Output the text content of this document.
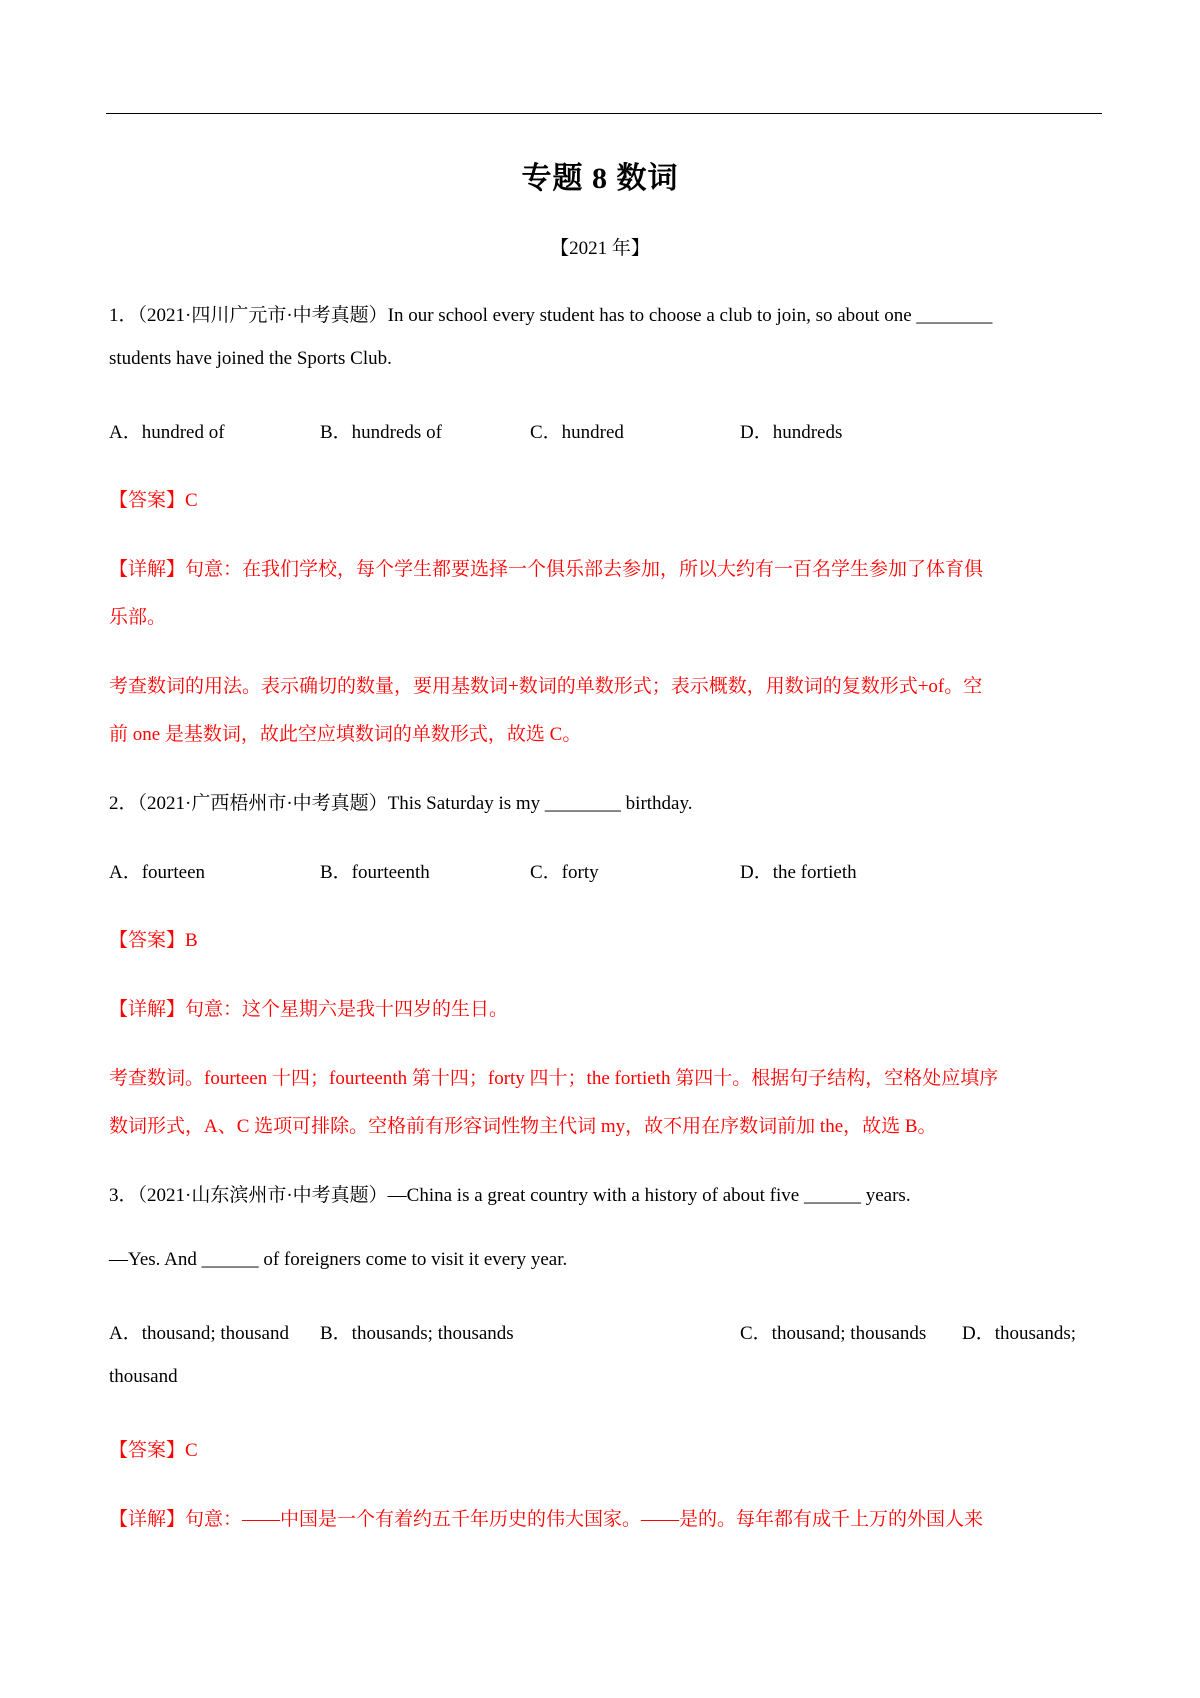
专题 8 数词
【2021 年】
1．（2021·四川广元市·中考真题）In our school every student has to choose a club to join, so about one ________
students have joined the Sports Club.
A．hundred of	B．hundreds of	C．hundred	D．hundreds
【答案】C
【详解】句意：在我们学校，每个学生都要选择一个俱乐部去参加，所以大约有一百名学生参加了体育俱
乐部。
考查数词的用法。表示确切的数量，要用基数词+数词的单数形式；表示概数，用数词的复数形式+of。空
前 one 是基数词，故此空应填数词的单数形式，故选 C。
2．（2021·广西梧州市·中考真题）This Saturday is my ________ birthday.
A．fourteen	B．fourteenth	C．forty	D．the fortieth
【答案】B
【详解】句意：这个星期六是我十四岁的生日。
考查数词。fourteen 十四；fourteenth 第十四；forty 四十；the fortieth 第四十。根据句子结构，空格处应填序
数词形式，A、C 选项可排除。空格前有形容词性物主代词 my，故不用在序数词前加 the，故选 B。
3．（2021·山东滨州市·中考真题）—China is a great country with a history of about five ______ years.
—Yes. And ______ of foreigners come to visit it every year.
A．thousand; thousand B．thousands; thousands	C．thousand; thousands D．thousands;
thousand
【答案】C
【详解】句意：——中国是一个有着约五千年历史的伟大国家。——是的。每年都有成千上万的外国人来
